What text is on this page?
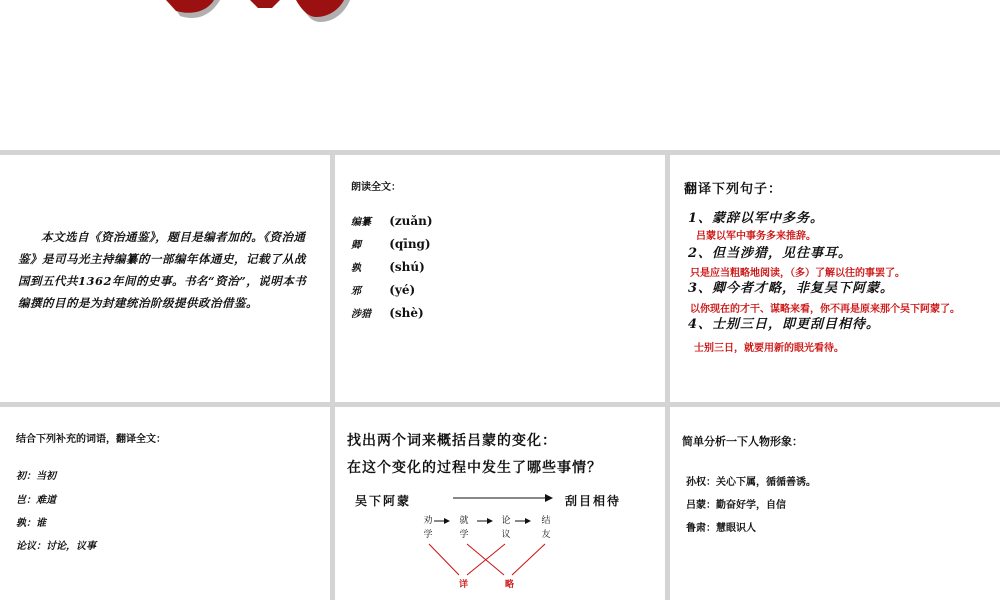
本文选自《资治通鉴》，题目是编者加的。《资治通鉴》是司马光主持编纂的一部编年体通史，记载了从战国到五代共1362年间的史事。书名“资治”，说明本书编撰的目的是为封建统治阶级提供政治借鉴。
朗读全文：
编纂 (zuǎn)
卿 (qīng)
孰 (shú)
邪 (yé)
涉猎 (shè)
翻译下列句子：
1、蒙辞以军中多务。
吕蒙以军中事务多来推辞。
2、但当涉猎，见往事耳。
只是应当粗略地阅读，（多）了解以往的事罢了。
3、卿今者才略，非复吴下阿蒙。
以你现在的才干、谋略来看，你不再是原来那个吴下阿蒙了。
4、士别三日，即更刮目相待。
士别三日，就要用新的眼光看待。
结合下列补充的词语，翻译全文：
初：当初
岂：难道
孰：谁
论议：讨论，议事
找出两个词来概括吕蒙的变化：
在这个变化的过程中发生了哪些事情？
吴下阿蒙	刮目相待
劝学
就学
论议
结友
详	略
简单分析一下人物形象：
孙权：关心下属，循循善诱。
吕蒙：勤奋好学，自信
鲁肃：慧眼识人
